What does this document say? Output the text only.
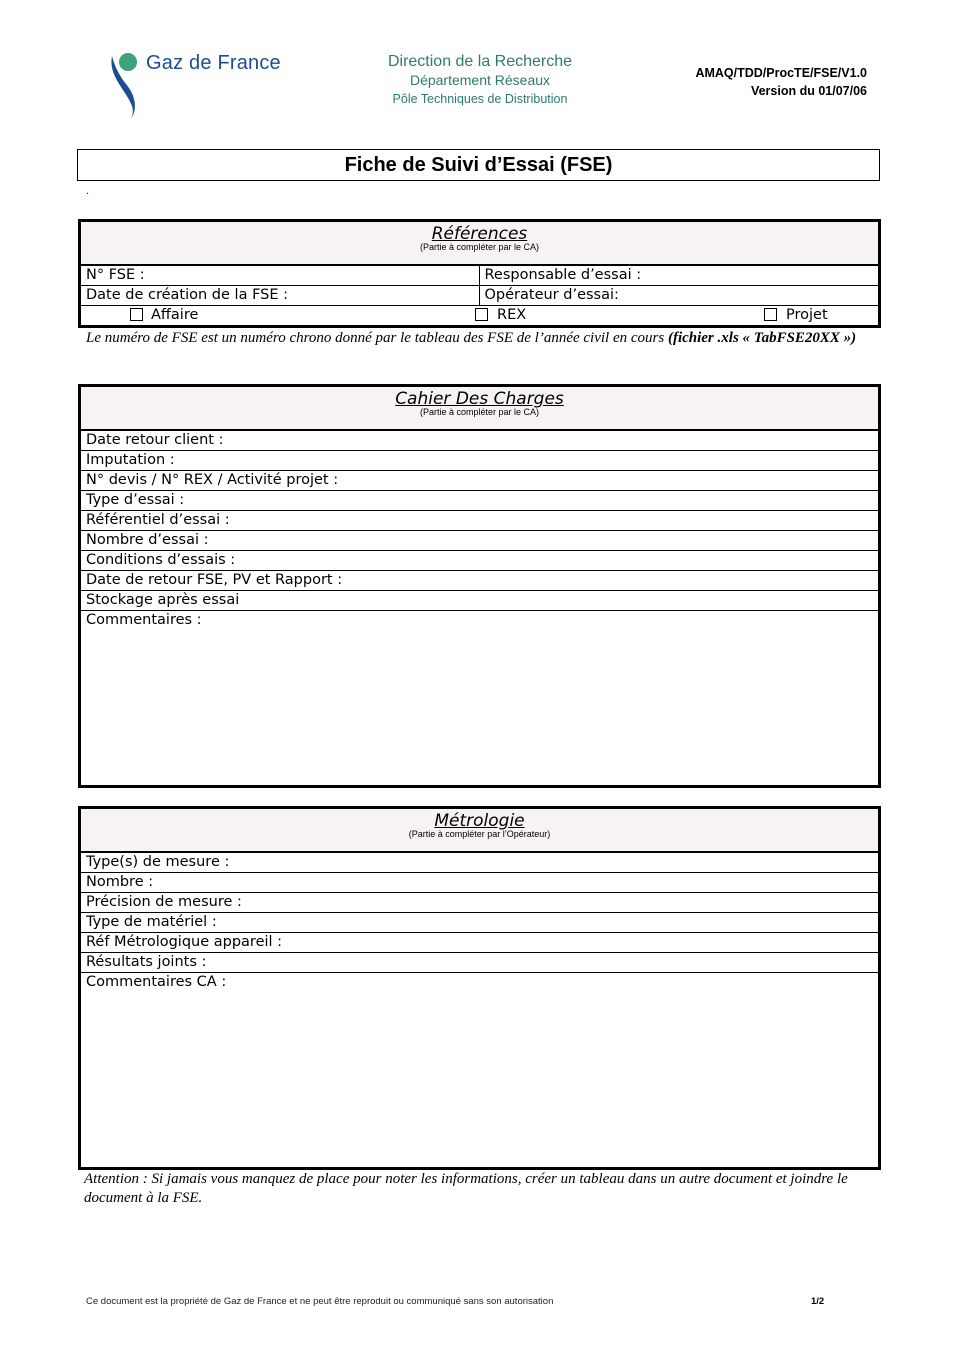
Gaz de France	Direction de la Recherche
Département Réseaux
Pôle Techniques de Distribution
AMAQ/TDD/ProcTE/FSE/V1.0
Version du 01/07/06
Fiche de Suivi d’Essai (FSE)
.
Références
(Partie à compléter par le CA)
N° FSE :	Responsable d’essai :
Date de création de la FSE :	Opérateur d’essai:
Affaire	REX	Projet
Le numéro de FSE est un numéro chrono donné par le tableau des FSE de l’année civil en cours (fichier .xls « TabFSE20XX »)
Cahier Des Charges
(Partie à compléter par le CA)
Date retour client :
Imputation :
N° devis / N° REX / Activité projet :
Type d’essai :
Référentiel d’essai :
Nombre d’essai :
Conditions d’essais :
Date de retour FSE, PV et Rapport :
Stockage après essai
Commentaires :
Métrologie
(Partie à compléter par l’Opérateur)
Type(s) de mesure :
Nombre :
Précision de mesure :
Type de matériel :
Réf Métrologique appareil :
Résultats joints :
Commentaires CA :
Attention : Si jamais vous manquez de place pour noter les informations, créer un tableau dans un autre document et joindre le document à la FSE.
Ce document est la propriété de Gaz de France et ne peut être reproduit ou communiqué sans son autorisation	1/2
